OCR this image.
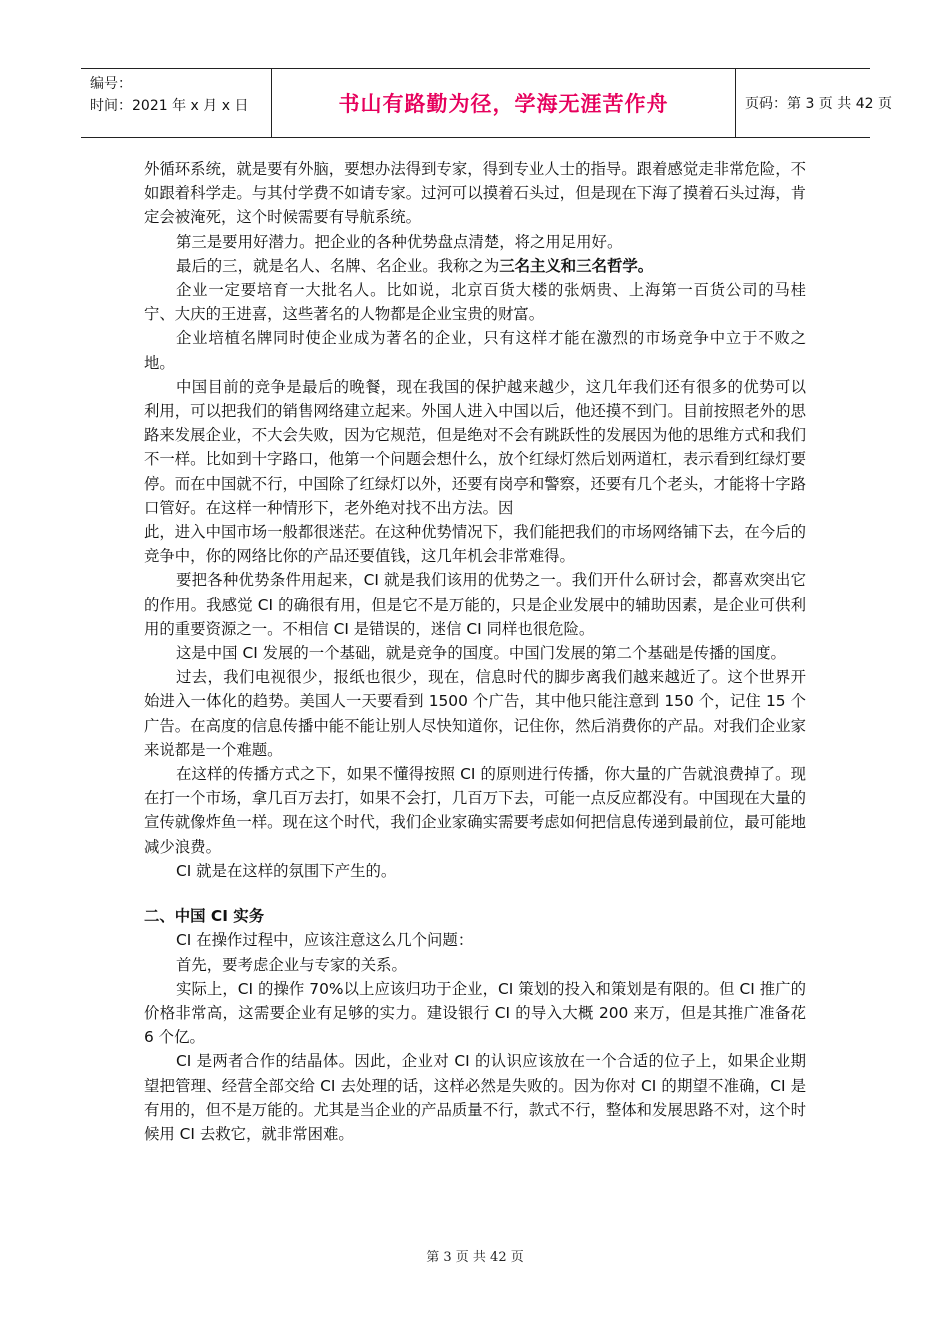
编号：
时间：2021 年 x 月 x 日	书山有路勤为径，学海无涯苦作舟	页码：第 3 页 共 42 页

外循环系统，就是要有外脑，要想办法得到专家，得到专业人士的指导。跟着感觉走非常危险，不如跟着科学走。与其付学费不如请专家。过河可以摸着石头过，但是现在下海了摸着石头过海，肯定会被淹死，这个时候需要有导航系统。

第三是要用好潜力。把企业的各种优势盘点清楚，将之用足用好。

最后的三，就是名人、名牌、名企业。我称之为三名主义和三名哲学。

企业一定要培育一大批名人。比如说，北京百货大楼的张炳贵、上海第一百货公司的马桂宁、大庆的王进喜，这些著名的人物都是企业宝贵的财富。

企业培植名牌同时使企业成为著名的企业，只有这样才能在激烈的市场竞争中立于不败之地。

中国目前的竞争是最后的晚餐，现在我国的保护越来越少，这几年我们还有很多的优势可以利用，可以把我们的销售网络建立起来。外国人进入中国以后，他还摸不到门。目前按照老外的思路来发展企业，不大会失败，因为它规范，但是绝对不会有跳跃性的发展因为他的思维方式和我们不一样。比如到十字路口，他第一个问题会想什么，放个红绿灯然后划两道杠，表示看到红绿灯要停。而在中国就不行，中国除了红绿灯以外，还要有岗亭和警察，还要有几个老头，才能将十字路口管好。在这样一种情形下，老外绝对找不出方法。因

此，进入中国市场一般都很迷茫。在这种优势情况下，我们能把我们的市场网络铺下去，在今后的竞争中，你的网络比你的产品还要值钱，这几年机会非常难得。

要把各种优势条件用起来，CI 就是我们该用的优势之一。我们开什么研讨会，都喜欢突出它的作用。我感觉 CI 的确很有用，但是它不是万能的，只是企业发展中的辅助因素，是企业可供利用的重要资源之一。不相信 CI 是错误的，迷信 CI 同样也很危险。

这是中国 CI 发展的一个基础，就是竞争的国度。中国门发展的第二个基础是传播的国度。

过去，我们电视很少，报纸也很少，现在，信息时代的脚步离我们越来越近了。这个世界开始进入一体化的趋势。美国人一天要看到 1500 个广告，其中他只能注意到 150 个，记住 15 个广告。在高度的信息传播中能不能让别人尽快知道你，记住你，然后消费你的产品。对我们企业家来说都是一个难题。

在这样的传播方式之下，如果不懂得按照 CI 的原则进行传播，你大量的广告就浪费掉了。现在打一个市场，拿几百万去打，如果不会打，几百万下去，可能一点反应都没有。中国现在大量的宣传就像炸鱼一样。现在这个时代，我们企业家确实需要考虑如何把信息传递到最前位，最可能地减少浪费。

CI 就是在这样的氛围下产生的。

二、中国 CI 实务

CI 在操作过程中，应该注意这么几个问题：

首先，要考虑企业与专家的关系。

实际上，CI 的操作 70%以上应该归功于企业，CI 策划的投入和策划是有限的。但 CI 推广的价格非常高，这需要企业有足够的实力。建设银行 CI 的导入大概 200 来万，但是其推广准备花 6 个亿。

CI 是两者合作的结晶体。因此，企业对 CI 的认识应该放在一个合适的位子上，如果企业期望把管理、经营全部交给 CI 去处理的话，这样必然是失败的。因为你对 CI 的期望不准确，CI 是有用的，但不是万能的。尤其是当企业的产品质量不行，款式不行，整体和发展思路不对，这个时候用 CI 去救它，就非常困难。

第 3 页 共 42 页
